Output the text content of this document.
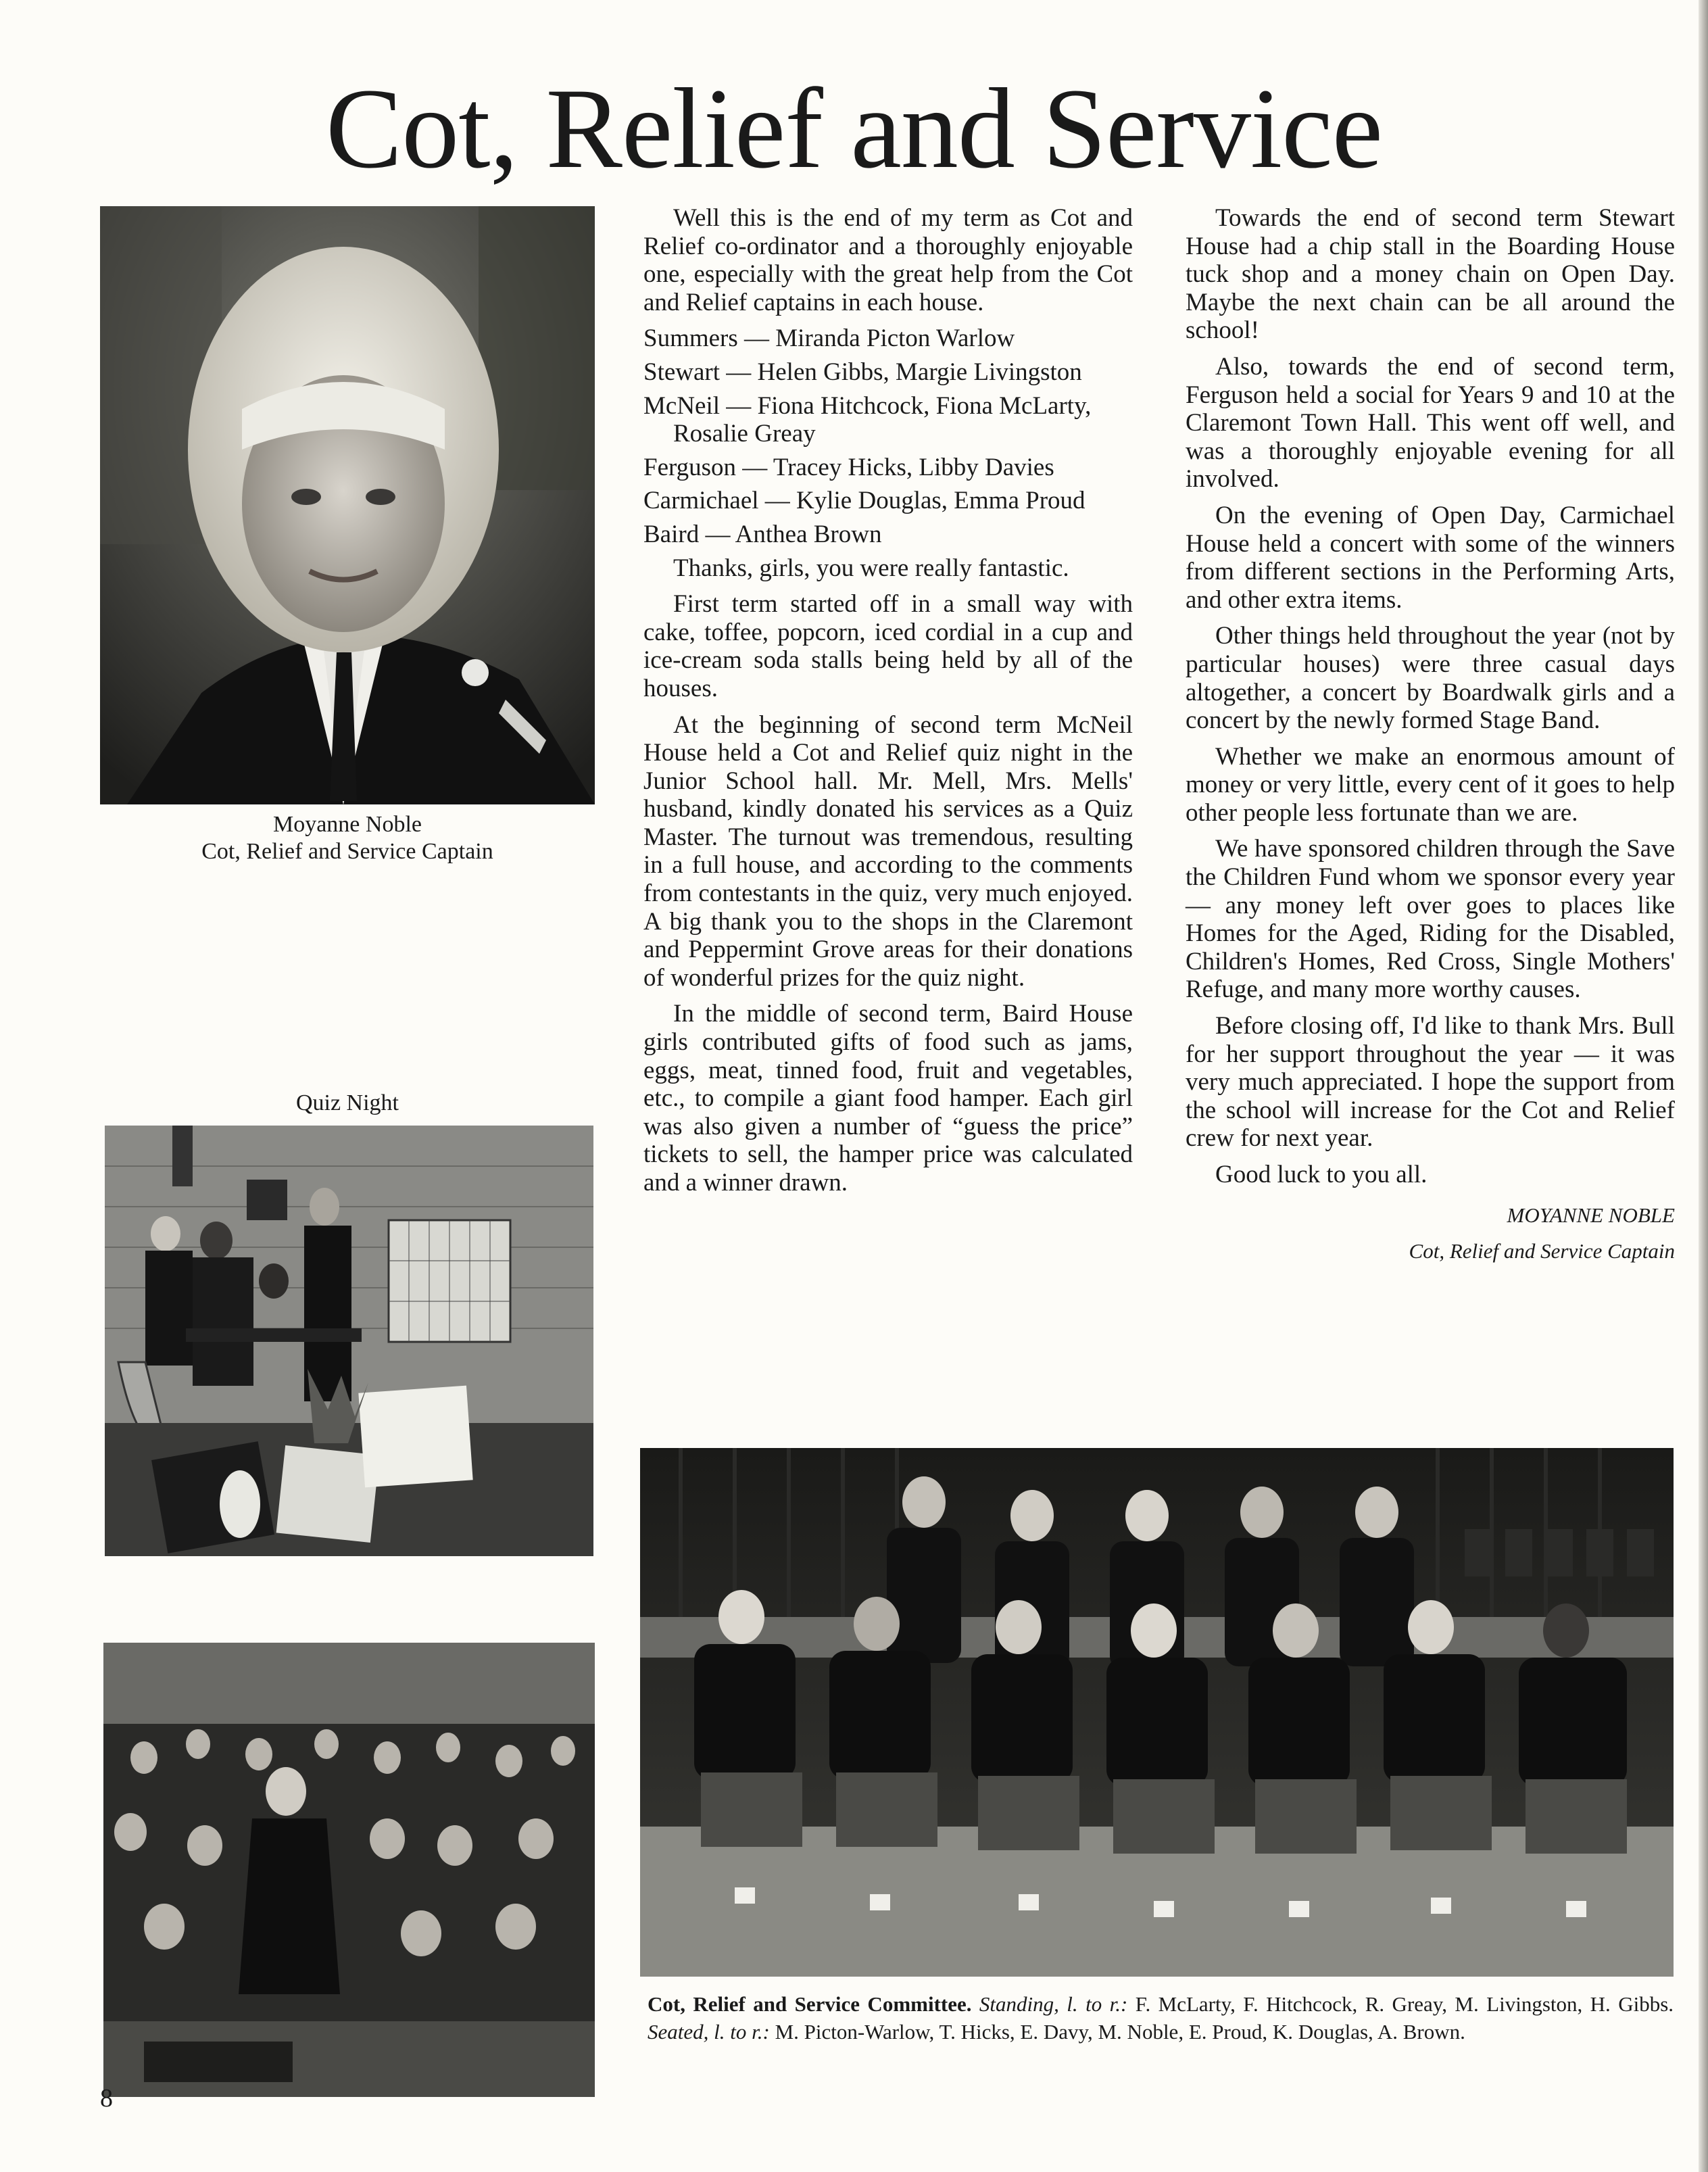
Cot, Relief and Service
Moyanne Noble
Cot, Relief and Service Captain
Quiz Night

Well this is the end of my term as Cot and Relief co-ordinator and a thoroughly enjoyable one, especially with the great help from the Cot and Relief captains in each house.

Summers — Miranda Picton Warlow

Stewart — Helen Gibbs, Margie Livingston

McNeil — Fiona Hitchcock, Fiona McLarty, Rosalie Greay

Ferguson — Tracey Hicks, Libby Davies

Carmichael — Kylie Douglas, Emma Proud

Baird — Anthea Brown

Thanks, girls, you were really fantastic.

First term started off in a small way with cake, toffee, popcorn, iced cordial in a cup and ice-cream soda stalls being held by all of the houses.

At the beginning of second term McNeil House held a Cot and Relief quiz night in the Junior School hall. Mr. Mell, Mrs. Mells' husband, kindly donated his services as a Quiz Master. The turnout was tremendous, resulting in a full house, and according to the comments from contestants in the quiz, very much enjoyed. A big thank you to the shops in the Claremont and Peppermint Grove areas for their donations of wonderful prizes for the quiz night.

In the middle of second term, Baird House girls contributed gifts of food such as jams, eggs, meat, tinned food, fruit and vegetables, etc., to compile a giant food hamper. Each girl was also given a number of “guess the price” tickets to sell, the hamper price was calculated and a winner drawn.

Towards the end of second term Stewart House had a chip stall in the Boarding House tuck shop and a money chain on Open Day. Maybe the next chain can be all around the school!

Also, towards the end of second term, Ferguson held a social for Years 9 and 10 at the Claremont Town Hall. This went off well, and was a thoroughly enjoyable evening for all involved.

On the evening of Open Day, Carmichael House held a concert with some of the winners from different sections in the Performing Arts, and other extra items.

Other things held throughout the year (not by particular houses) were three casual days altogether, a concert by Boardwalk girls and a concert by the newly formed Stage Band.

Whether we make an enormous amount of money or very little, every cent of it goes to help other people less fortunate than we are.

We have sponsored children through the Save the Children Fund whom we sponsor every year — any money left over goes to places like Homes for the Aged, Riding for the Disabled, Children's Homes, Red Cross, Single Mothers' Refuge, and many more worthy causes.

Before closing off, I'd like to thank Mrs. Bull for her support throughout the year — it was very much appreciated. I hope the support from the school will increase for the Cot and Relief crew for next year.

Good luck to you all.

MOYANNE NOBLE

Cot, Relief and Service Captain

Cot, Relief and Service Committee. Standing, l. to r.: F. McLarty, F. Hitchcock, R. Greay, M. Livingston, H. Gibbs. Seated, l. to r.: M. Picton-Warlow, T. Hicks, E. Davy, M. Noble, E. Proud, K. Douglas, A. Brown.
8
